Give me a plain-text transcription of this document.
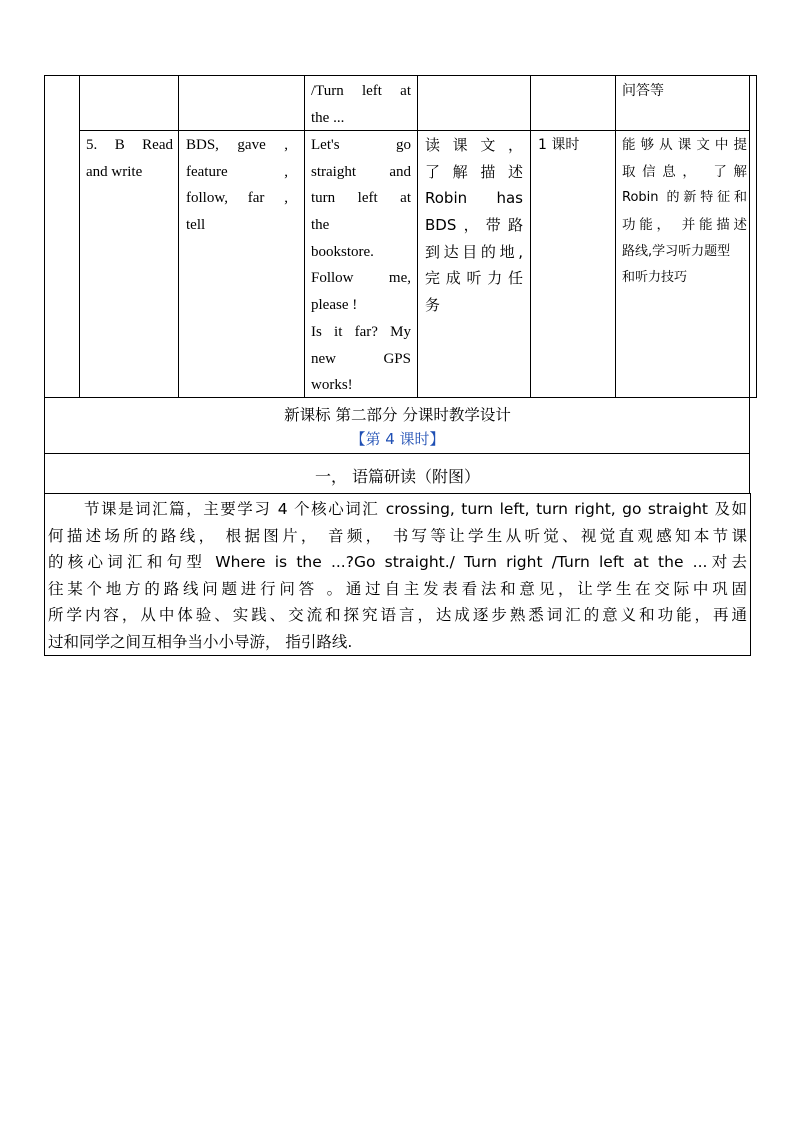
/Turn left at
the ...
问答等
5. B Read
and write
BDS, gave ,
feature ,
follow, far ,
tell
Let's go
straight and
turn left at
the
bookstore.
Follow me,
please !
Is it far? My
new GPS
works!
读 课 文 ，
了 解 描 述
Robin has
BDS，带路
到达目的地,
完成听力任
务
1 课时	能够从课文中提
取信息， 了解
Robin 的新特征和
功能， 并能描述
路线,学习听力题型
和听力技巧
新课标 第二部分 分课时教学设计
【第 4 课时】
一， 语篇研读（附图）
节课是词汇篇，主要学习 4 个核心词汇 crossing, turn left, turn right, go straight 及如
何描述场所的路线， 根据图片， 音频， 书写等让学生从听觉、视觉直观感知本节课
的核心词汇和句型 Where is the ...?Go straight./ Turn right /Turn left at the ...对去
往某个地方的路线问题进行问答 。通过自主发表看法和意见，让学生在交际中巩固
所学内容，从中体验、实践、交流和探究语言，达成逐步熟悉词汇的意义和功能，再通
过和同学之间互相争当小小导游， 指引路线.
